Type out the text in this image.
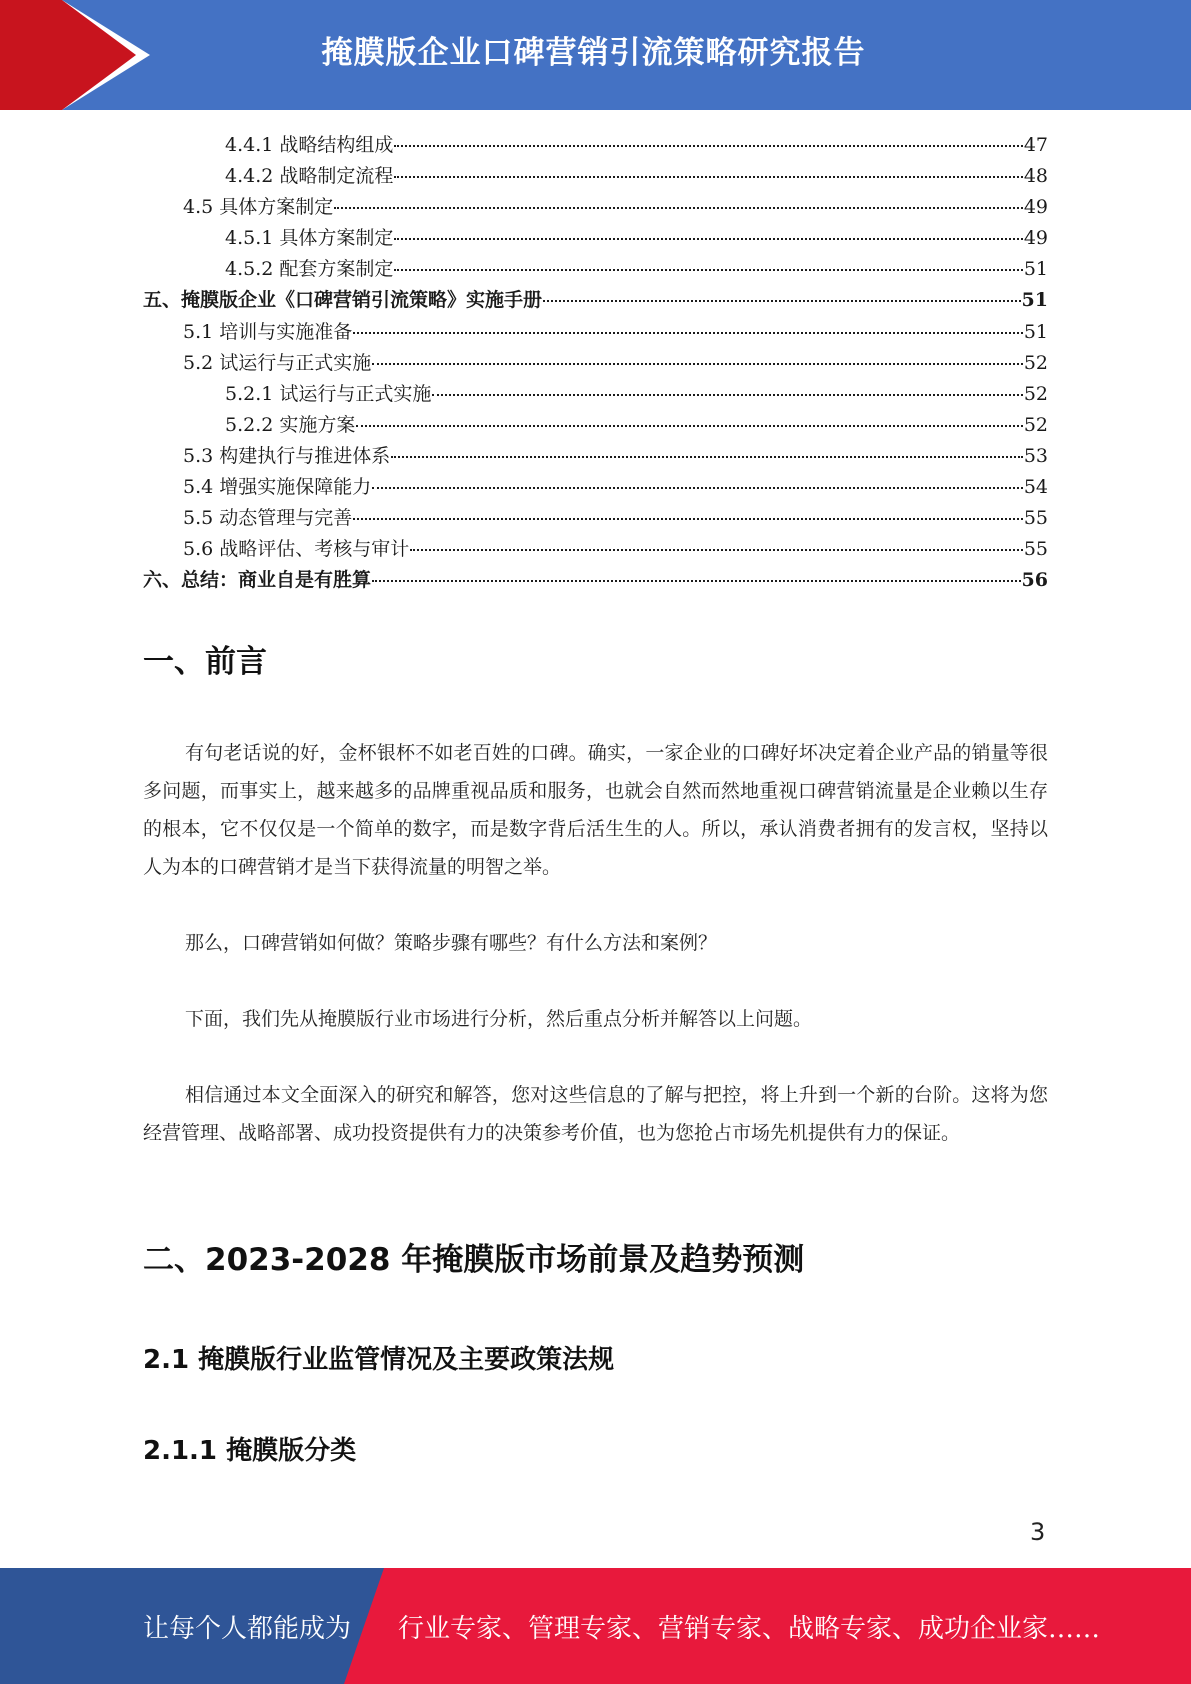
掩膜版企业口碑营销引流策略研究报告
4.4.1 战略结构组成	47
4.4.2 战略制定流程	48
4.5 具体方案制定	49
4.5.1 具体方案制定	49
4.5.2 配套方案制定	51
五、掩膜版企业《口碑营销引流策略》实施手册	51
5.1 培训与实施准备	51
5.2 试运行与正式实施	52
5.2.1 试运行与正式实施	52
5.2.2 实施方案	52
5.3 构建执行与推进体系	53
5.4 增强实施保障能力	54
5.5 动态管理与完善	55
5.6 战略评估、考核与审计	55
六、总结：商业自是有胜算	56
一、前言

有句老话说的好，金杯银杯不如老百姓的口碑。确实，一家企业的口碑好坏决定着企业产品的销量等很多问题，而事实上，越来越多的品牌重视品质和服务，也就会自然而然地重视口碑营销流量是企业赖以生存的根本，它不仅仅是一个简单的数字，而是数字背后活生生的人。所以，承认消费者拥有的发言权，坚持以人为本的口碑营销才是当下获得流量的明智之举。

那么，口碑营销如何做？策略步骤有哪些？有什么方法和案例？

下面，我们先从掩膜版行业市场进行分析，然后重点分析并解答以上问题。

相信通过本文全面深入的研究和解答，您对这些信息的了解与把控，将上升到一个新的台阶。这将为您经营管理、战略部署、成功投资提供有力的决策参考价值，也为您抢占市场先机提供有力的保证。

二、2023-2028 年掩膜版市场前景及趋势预测
2.1 掩膜版行业监管情况及主要政策法规
2.1.1 掩膜版分类
3
让每个人都能成为 行业专家、管理专家、营销专家、战略专家、成功企业家……
